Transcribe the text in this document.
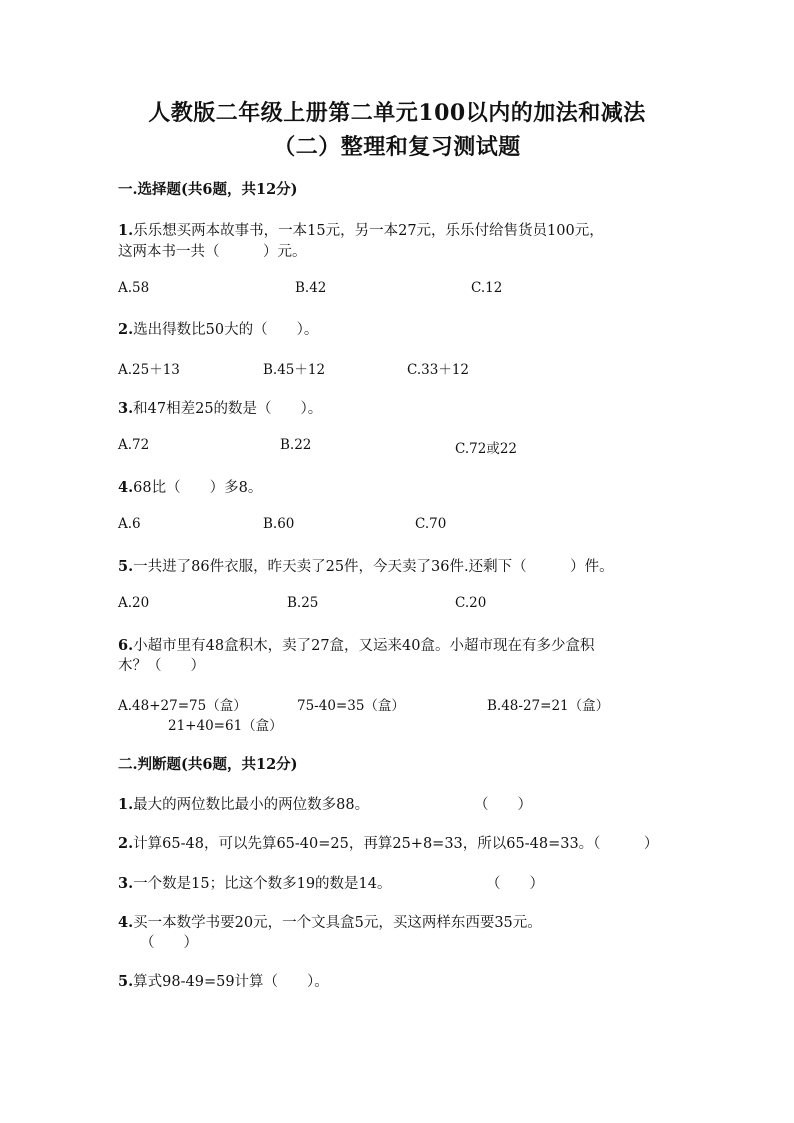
人教版二年级上册第二单元100以内的加法和减法
（二）整理和复习测试题
一.选择题(共6题，共12分)
1.乐乐想买两本故事书，一本15元，另一本27元，乐乐付给售货员100元，
这两本书一共（　　　）元。
A.58	B.42	C.12
2.选出得数比50大的（　　）。
A.25＋13	B.45＋12	C.33＋12
3.和47相差25的数是（　　）。
A.72	B.22	C.72或22
4.68比（　　）多8。
A.6	B.60	C.70
5.一共进了86件衣服，昨天卖了25件，今天卖了36件.还剩下（　　　）件。
A.20	B.25	C.20
6.小超市里有48盒积木，卖了27盒，又运来40盒。小超市现在有多少盒积
木？（　　）
A.48+27=75（盒）	75-40=35（盒）	B.48-27=21（盒）
21+40=61（盒）
二.判断题(共6题，共12分)
1.最大的两位数比最小的两位数多88。	（　　）
2.计算65-48，可以先算65-40=25，再算25+8=33，所以65-48=33。（　　　）
3.一个数是15；比这个数多19的数是14。	（　　）
4.买一本数学书要20元，一个文具盒5元，买这两样东西要35元。
（　　）
5.算式98-49=59计算（　　）。
